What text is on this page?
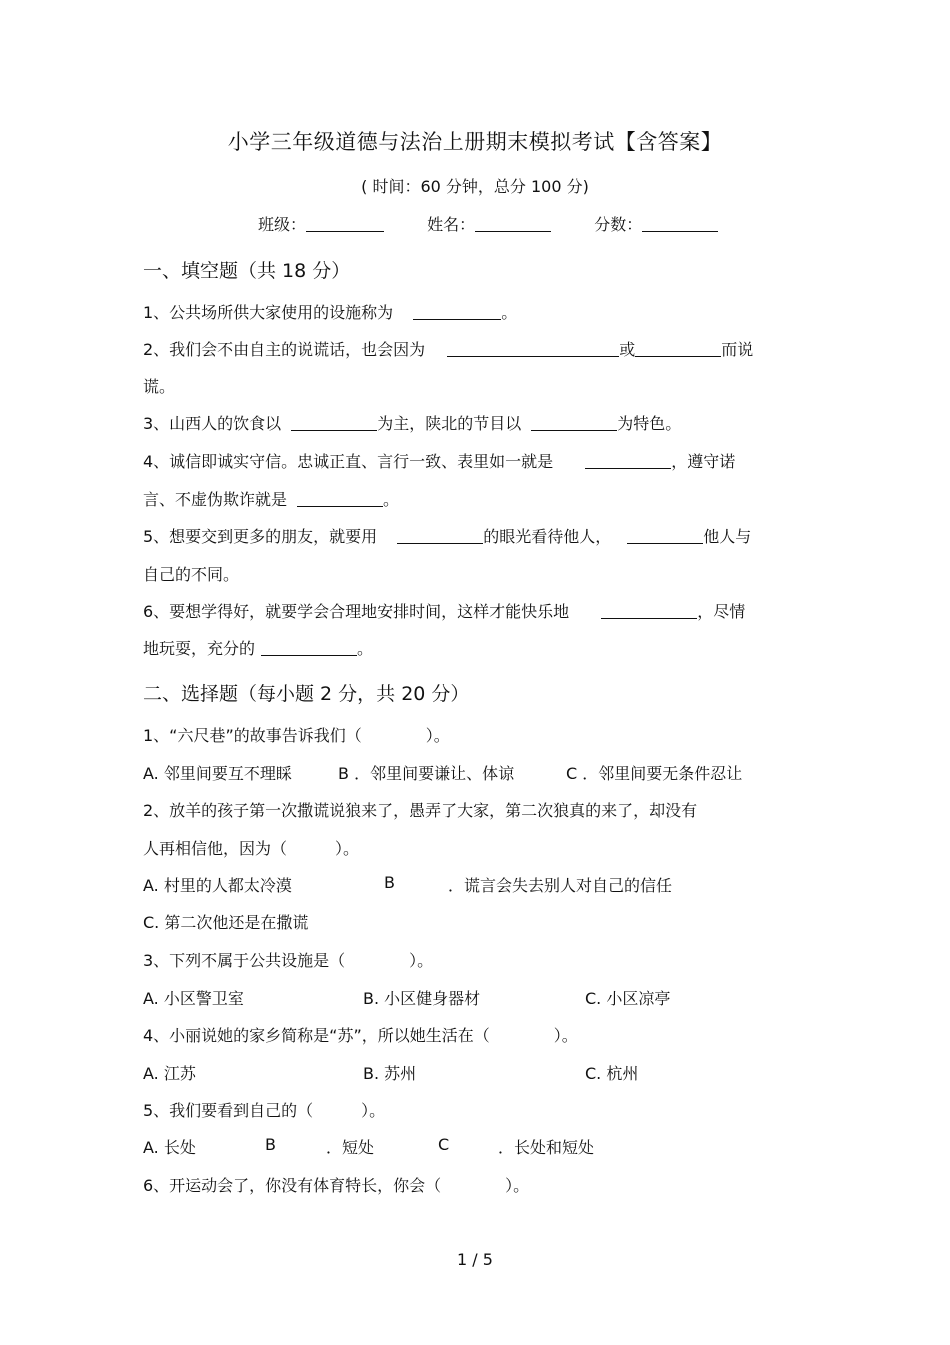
小学三年级道德与法治上册期末模拟考试【含答案】
( 时间：60 分钟，总分 100 分)
班级：	姓名：	分数：
一、填空题（共 18 分）
1、公共场所供大家使用的设施称为	。
2、我们会不由自主的说谎话，也会因为	或	而说
谎。
3、山西人的饮食以	为主，陕北的节目以	为特色。
4、诚信即诚实守信。忠诚正直、言行一致、表里如一就是	，遵守诺
言、不虚伪欺诈就是	。
5、想要交到更多的朋友，就要用	的眼光看待他人，	他人与
自己的不同。
6、要想学得好，就要学会合理地安排时间，这样才能快乐地	，尽情
地玩耍，充分的	。
二、选择题（每小题 2 分，共 20 分）
1、“六尺巷”的故事告诉我们（　　　　）。
A. 邻里间要互不理睬	B ．邻里间要谦让、体谅	C ．邻里间要无条件忍让
2、放羊的孩子第一次撒谎说狼来了，愚弄了大家，第二次狼真的来了，却没有
人再相信他，因为（　　　）。
A. 村里的人都太冷漠	B	．谎言会失去别人对自己的信任
C. 第二次他还是在撒谎
3、下列不属于公共设施是（　　　　）。
A. 小区警卫室	B. 小区健身器材	C. 小区凉亭
4、小丽说她的家乡简称是“苏”，所以她生活在（　　　　）。
A. 江苏	B. 苏州	C. 杭州
5、我们要看到自己的（　　　）。
A. 长处	B	．短处	C	．长处和短处
6、开运动会了，你没有体育特长，你会（　　　　）。
1 / 5
